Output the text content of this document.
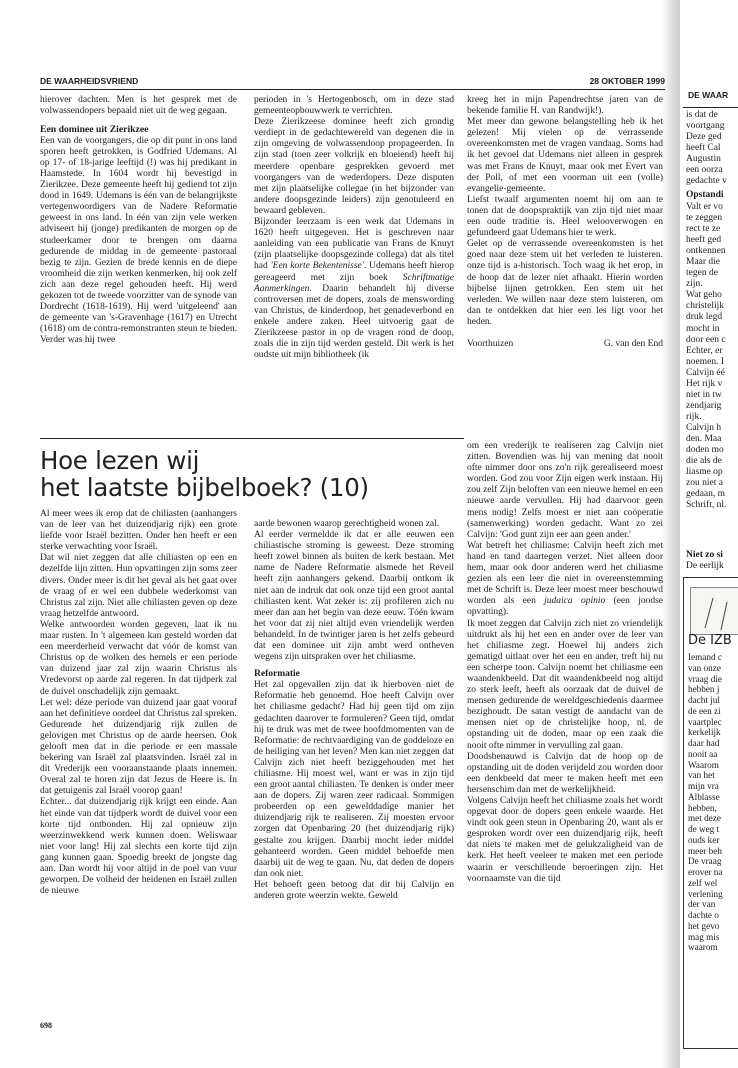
DE WAARHEIDSVRIEND	28 OKTOBER 1999

hierover dachten. Men is het gesprek met de volwassendopers bepaald niet uit de weg gegaan.

Een dominee uit Zierikzee

Een van de voorgangers, die op dit punt in ons land sporen heeft getrokken, is Godfried Udemans. Al op 17- of 18-jarige leeftijd (!) was hij predikant in Haamstede. In 1604 wordt hij bevestigd in Zierikzee. Deze gemeente heeft hij gediend tot zijn dood in 1649. Udemans is één van de belangrijkste vertegenwoordigers van de Nadere Reformatie geweest in ons land. In één van zijn vele werken adviseert hij (jonge) predikanten de morgen op de studeerkamer door te brengen om daarna gedurende de middag in de gemeente pastoraal bezig te zijn. Gezien de brede kennis en de diepe vroomheid die zijn werken kenmerken, hij ook zelf zich aan deze regel gehouden heeft. Hij werd gekozen tot de tweede voorzitter van de synode van Dordrecht (1618-1619). Hij werd 'uitgeleend' aan de gemeente van 's-Gravenhage (1617) en Utrecht (1618) om de contra-remonstranten steun te bieden. Verder was hij twee

perioden in 's Hertogenbosch, om in deze stad gemeenteopbouwwerk te verrichten.

Deze Zierikzeese dominee heeft zich grondig verdiept in de gedachtewereld van degenen die in zijn omgeving de volwassendoop propageerden. In zijn stad (toen zeer volkrijk en bloeiend) heeft hij meerdere openbare gesprekken gevoerd met voorgangers van de wederdopers. Deze disputen met zijn plaatselijke collegae (in het bijzonder van andere doopsgezinde leiders) zijn genotuleerd en bewaard gebleven.

Bijzonder leerzaam is een werk dat Udemans in 1620 heeft uitgegeven. Het is geschreven naar aanleiding van een publicatie van Frans de Knuyt (zijn plaatselijke doopsgezinde collega) dat als titel had 'Een korte Bekentenisse'. Udemans heeft hierop gereageerd met zijn boek Schriftmatige Aanmerkingen. Daarin behandelt hij diverse controversen met de dopers, zoals de menswording van Christus, de kinderdoop, het genadeverbond en enkele andere zaken. Heel uitvoerig gaat de Zierikzeese pastor in op de vragen rond de doop, zoals die in zijn tijd werden gesteld. Dit werk is het oudste uit mijn bibliotheek (ik

kreeg het in mijn Papendrechtse jaren van de bekende familie H. van Randwijk!).

Met meer dan gewone belangstelling heb ik het gelezen! Mij vielen op de verrassende overeenkomsten met de vragen vandaag. Soms had ik het gevoel dat Udemans niet alleen in gesprek was met Frans de Knuyt, maar ook met Evert van der Poll, of met een voorman uit een (volle) evangelie-gemeente.

Liefst twaalf argumenten noemt hij om aan te tonen dat de doopspraktijk van zijn tijd niet maar een oude traditie is. Heel welooverwogen en gefundeerd gaat Udemans hier te werk.

Gelet op de verrassende overeenkomsten is het goed naar deze stem uit het verleden te luisteren. onze tijd is a-historisch. Toch waag ik het erop, in de hoop dat de lezer niet afhaakt. Hierin worden bijbelse lijnen getrokken. Een stem uit het verleden. We willen naar deze stem luisteren, om dan te ontdekken dat hier een les ligt voor het heden.

Voorthuizen	G. van den End
Hoe lezen wij
het laatste bijbelboek? (10)

Al meer wees ik erop dat de chiliasten (aanhangers van de leer van het duizendjarig rijk) een grote liefde voor Israël bezitten. Onder hen heeft er een sterke verwachting voor Israël.

Dat wil niet zeggen dat alle chiliasten op een en dezelfde lijn zitten. Hun opvattingen zijn soms zeer divers. Onder meer is dit het geval als het gaat over de vraag of er wel een dubbele wederkomst van Christus zal zijn. Niet alle chiliasten geven op deze vraag hetzelfde antwoord.

Welke antwoorden worden gegeven, laat ik nu maar rusten. In 't algemeen kan gesteld worden dat een meerderheid verwacht dat vóór de komst van Christus op de wolken des hemels er een periode van duizend jaar zal zijn waarin Christus als Vredevorst op aarde zal regeren. In dat tijdperk zal de duivel onschadelijk zijn gemaakt.

Let wel: déze periode van duizend jaar gaat vooraf aan het definitieve oordeel dat Christus zal spreken.

Gedurende het duizendjarig rijk zullen de gelovigen met Christus op de aarde heersen. Ook gelooft men dat in die periode er een massale bekering van Israël zal plaatsvinden. Israël zal in dit Vrederijk een vooraanstaande plaats innemen. Overal zal te horen zijn dat Jezus de Heere is. In dat getuigenis zal Israël voorop gaan!

Echter... dat duizendjarig rijk krijgt een einde. Aan het einde van dat tijdperk wordt de duivel voor een korte tijd ontbonden. Hij zal opnieuw zijn weerzinwekkend werk kunnen doen. Weliswaar niet voor lang! Hij zal slechts een korte tijd zijn gang kunnen gaan. Spoedig breekt de jongste dag aan. Dan wordt hij voor altijd in de poel van vuur geworpen. De volheid der heidenen en Israël zullen de nieuwe

aarde bewonen waarop gerechtigheid wonen zal.

Al eerder vermeldde ik dat er alle eeuwen een chiliastische stroming is geweest. Deze stroming heeft zowel binnen als buiten de kerk bestaan. Met name de Nadere Reformatie alsmede het Reveil heeft zijn aanhangers gekend. Daarbij ontkom ik niet aan de indruk dat ook onze tijd een groot aantal chiliasten kent. Wat zeker is: zij profileren zich nu meer dan aan het begin van deze eeuw. Tóén kwam het voor dat zij niet altijd even vriendelijk werden behandeld. In de twintiger jaren is het zelfs gebeurd dat een dominee uit zijn ambt werd ontheven wegens zijn uitspraken over het chiliasme.

Reformatie

Het zal opgevallen zijn dat ik hierboven niet de Reformatie heb genoemd. Hoe heeft Calvijn over het chiliasme gedacht? Had hij geen tijd om zijn gedachten daarover te formuleren? Geen tijd, omdat hij te druk was met de twee hoofdmomenten van de Reformatie: de rechtvaardiging van de goddeloze en de heiliging van het leven? Men kan niet zeggen dat Calvijn zich niet heeft beziggehouden met het chiliasme. Hij moest wel, want er was in zijn tijd een groot aantal chiliasten. Te denken is onder meer aan de dopers. Zij waren zeer radicaal. Sommigen probeerden op een gewelddadige manier het duizendjarig rijk te realiseren. Zij moesten ervoor zorgen dat Openbaring 20 (het duizendjarig rijk) gestalte zou krijgen. Daarbij mocht ieder middel gehanteerd worden. Geen middel behoefde men daarbij uit de weg te gaan. Nu, dat deden de dopers dan ook niet.

Het behoeft geen betoog dat dit bij Calvijn en anderen grote weerzin wekte. Geweld

om een vrederijk te realiseren zag Calvijn niet zitten. Bovendien was hij van mening dat nooit ofte nimmer door ons zo'n rijk gerealiseerd moest worden. God zou voor Zijn eigen werk instaan. Hij zou zelf Zijn beloften van een nieuwe hemel en een nieuwe aarde vervullen. Hij had daarvoor geen mens nodig! Zelfs moest er niet aan coöperatie (samenwerking) worden gedacht. Want zo zei Calvijn: 'God gunt zijn eer aan geen ander.'

Wat betreft het chiliasme: Calvijn heeft zich met hand en tand daartegen verzet. Niet alleen door hem, maar ook door anderen werd het chiliasme gezien als een leer die niet in overeenstemming met de Schrift is. Deze leer moest meer beschouwd worden als een judaica opinio (een joodse opvatting).

Ik moet zeggen dat Calvijn zich niet zo vriendelijk uitdrukt als hij het een en ander over de leer van het chiliasme zegt. Hoewel hij anders zich gematigd uitlaat over het een en ander, treft hij nu een scherpe toon. Calvijn noemt het chiliasme een waandenkbeeld. Dat dit waandenkbeeld nog altijd zo sterk leeft, heeft als oorzaak dat de duivel de mensen gedurende de wereldgeschiedenis daarmee bezighoudt. De satan vestigt de aandacht van de mensen niet op de christelijke hoop, nl. de opstanding uit de doden, maar op een zaak die nooit ofte nimmer in vervulling zal gaan.

Doodsbenauwd is Calvijn dat de hoop op de opstanding uit de doden verijdeld zou worden door een denkbeeld dat meer te maken heeft met een hersenschim dan met de werkelijkheid.

Volgens Calvijn heeft het chiliasme zoals het wordt opgevat door de dopers geen enkele waarde. Het vindt ook geen steun in Openbaring 20, want als er gesproken wordt over een duizendjarig rijk, heeft dat niets te maken met de gelukzaligheid van de kerk. Het heeft veeleer te maken met een periode waarin er verschillende beroeringen zijn. Het voornaamste van die tijd

698
DE WAAR
is dat de
voortgang
Deze ged
heeft Cal
Augustin
een oorza
gedachte v
Opstandi
Valt er vo
te zeggen
rect te ze
heeft ged
ontkennen
Maar die
tegen de
zijn.
Wat geho
christelijk
druk legd
mocht in
door een c
Echter, er
noemen. I
Calvijn éé
Het rijk v
niet in tw
zendjarig
rijk.
Calvijn h
den. Maa
doden mo
die als de
liasme op
zou niet a
gedaan, m
Schrift, nl.
Niet zo si
De eerlijk
De IZB
Iemand c
van onze
vraag die
hebben j
dacht jul
de een zi
vaartplec
kerkelijk
daar had
nooit aa
Waarom
van het
mijn vra
Alblasse
hebben,
met deze
de weg t
ouds ker
meer beh
De vraag
erover na
zelf wel
verlening
der van
dachte o
het gevo
mag mis
waarom
